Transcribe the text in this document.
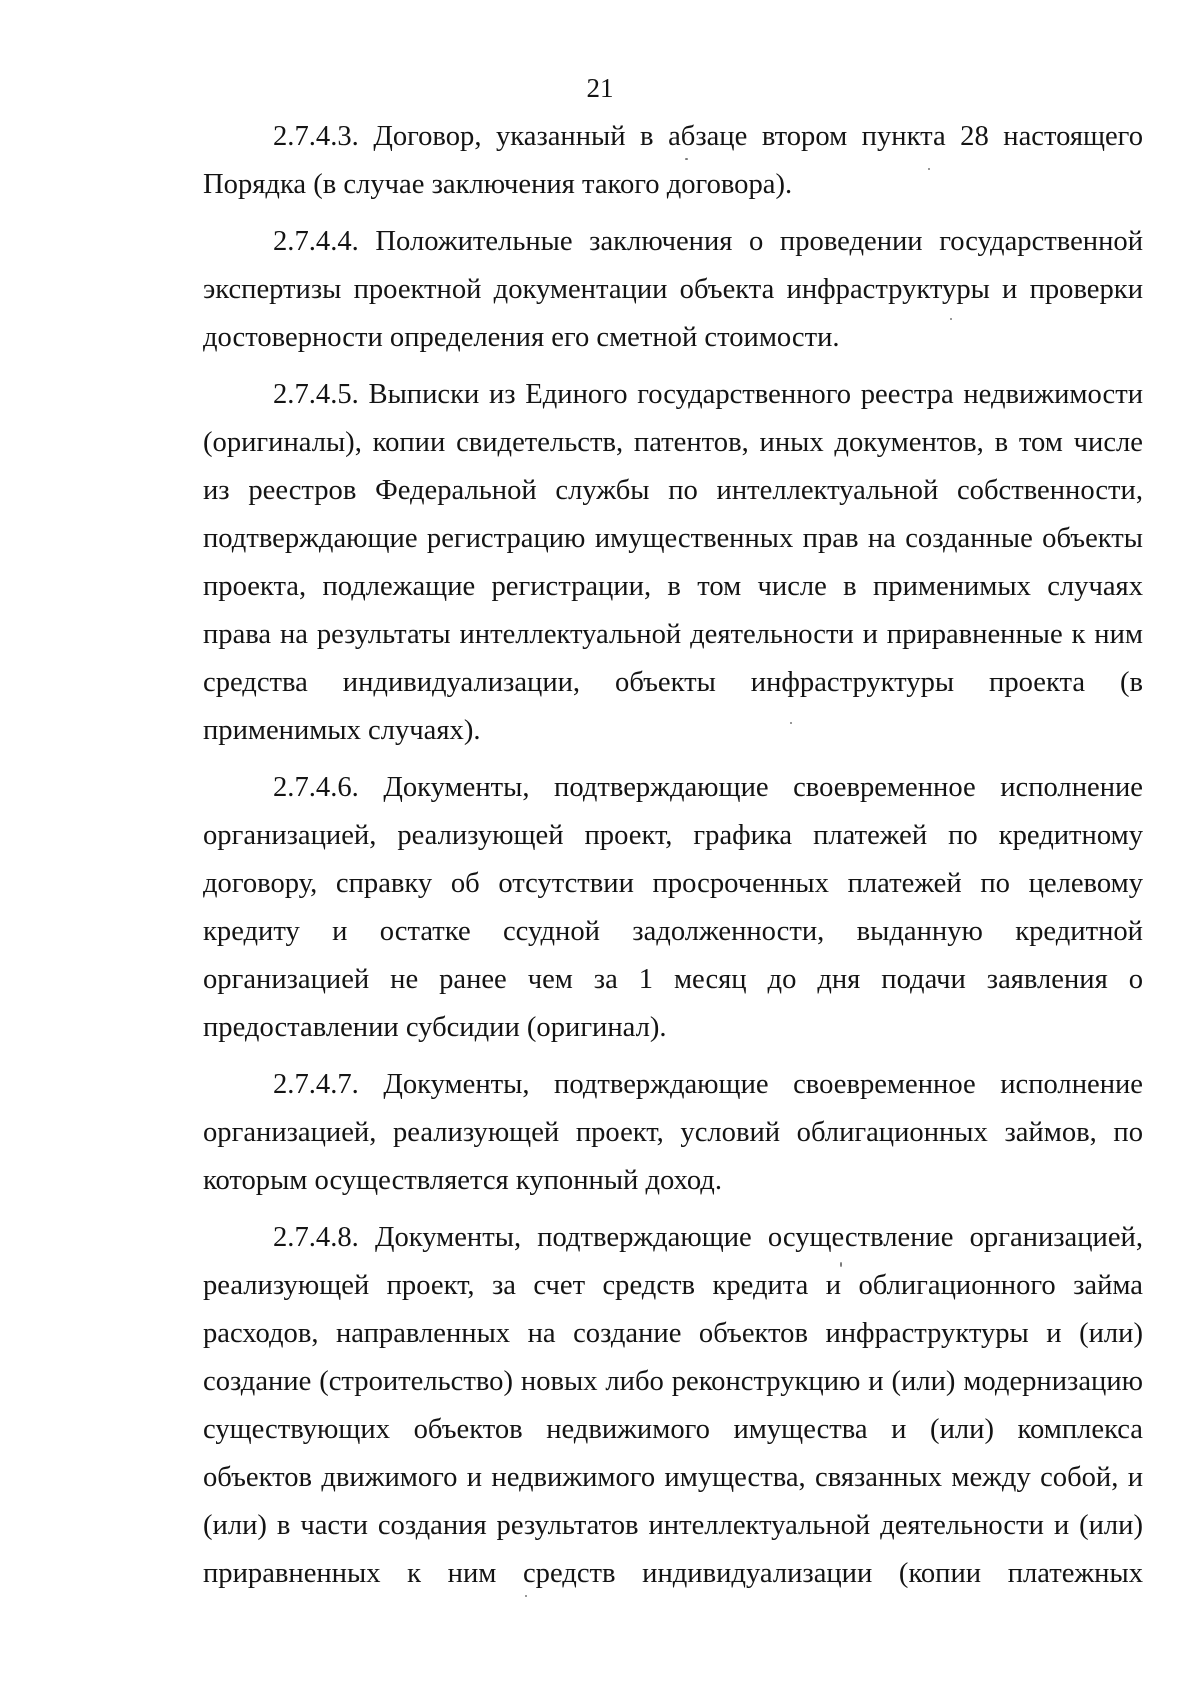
21

2.7.4.3. Договор, указанный в абзаце втором пункта 28 настоящего Порядка (в случае заключения такого договора).

2.7.4.4. Положительные заключения о проведении государственной экспертизы проектной документации объекта инфраструктуры и проверки достоверности определения его сметной стоимости.

2.7.4.5. Выписки из Единого государственного реестра недвижимости (оригиналы), копии свидетельств, патентов, иных документов, в том числе из реестров Федеральной службы по интеллектуальной собственности, подтверждающие регистрацию имущественных прав на созданные объекты проекта, подлежащие регистрации, в том числе в применимых случаях права на результаты интеллектуальной деятельности и приравненные к ним средства индивидуализации, объекты инфраструктуры проекта (в применимых случаях).

2.7.4.6. Документы, подтверждающие своевременное исполнение организацией, реализующей проект, графика платежей по кредитному договору, справку об отсутствии просроченных платежей по целевому кредиту и остатке ссудной задолженности, выданную кредитной организацией не ранее чем за 1 месяц до дня подачи заявления о предоставлении субсидии (оригинал).

2.7.4.7. Документы, подтверждающие своевременное исполнение организацией, реализующей проект, условий облигационных займов, по которым осуществляется купонный доход.

2.7.4.8. Документы, подтверждающие осуществление организацией, реализующей проект, за счет средств кредита и облигационного займа расходов, направленных на создание объектов инфраструктуры и (или) создание (строительство) новых либо реконструкцию и (или) модернизацию существующих объектов недвижимого имущества и (или) комплекса объектов движимого и недвижимого имущества, связанных между собой, и (или) в части создания результатов интеллектуальной деятельности и (или) приравненных к ним средств индивидуализации (копии платежных
